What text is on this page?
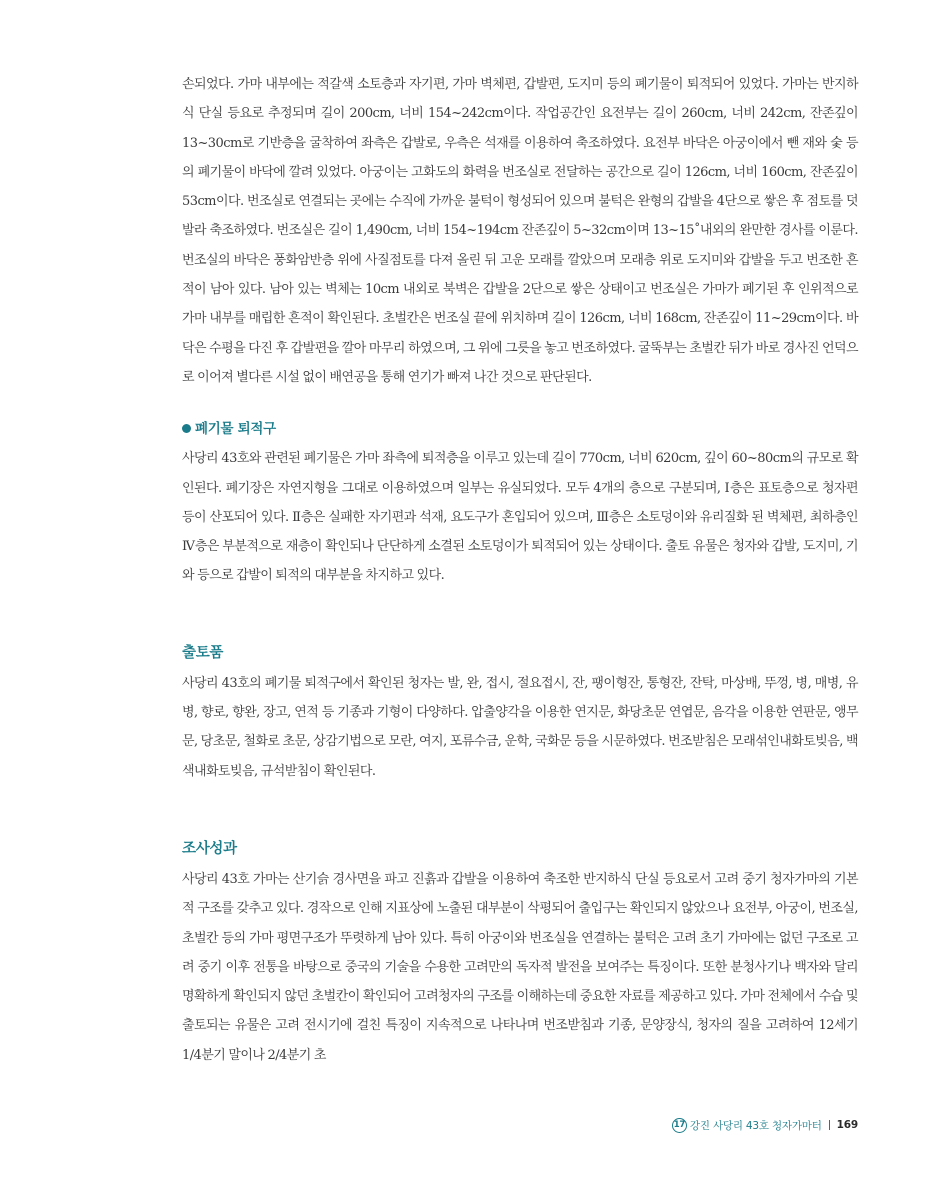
손되었다. 가마 내부에는 적갈색 소토층과 자기편, 가마 벽체편, 갑발편, 도지미 등의 폐기물이 퇴적되어 있었다. 가마는 반지하식 단실 등요로 추정되며 길이 200cm, 너비 154~242cm이다. 작업공간인 요전부는 길이 260cm, 너비 242cm, 잔존깊이 13~30cm로 기반층을 굴착하여 좌측은 갑발로, 우측은 석재를 이용하여 축조하였다. 요전부 바닥은 아궁이에서 뺀 재와 숯 등의 폐기물이 바닥에 깔려 있었다. 아궁이는 고화도의 화력을 번조실로 전달하는 공간으로 길이 126cm, 너비 160cm, 잔존깊이 53cm이다. 번조실로 연결되는 곳에는 수직에 가까운 불턱이 형성되어 있으며 불턱은 완형의 갑발을 4단으로 쌓은 후 점토를 덧발라 축조하였다. 번조실은 길이 1,490cm, 너비 154~194cm 잔존깊이 5~32cm이며 13~15˚내외의 완만한 경사를 이룬다. 번조실의 바닥은 풍화암반층 위에 사질점토를 다져 올린 뒤 고운 모래를 깔았으며 모래층 위로 도지미와 갑발을 두고 번조한 흔적이 남아 있다. 남아 있는 벽체는 10cm 내외로 북벽은 갑발을 2단으로 쌓은 상태이고 번조실은 가마가 폐기된 후 인위적으로 가마 내부를 매립한 흔적이 확인된다. 초벌칸은 번조실 끝에 위치하며 길이 126cm, 너비 168cm, 잔존깊이 11~29cm이다. 바닥은 수평을 다진 후 갑발편을 깔아 마무리 하였으며, 그 위에 그릇을 놓고 번조하였다. 굴뚝부는 초벌칸 뒤가 바로 경사진 언덕으로 이어져 별다른 시설 없이 배연공을 통해 연기가 빠져 나간 것으로 판단된다.

폐기물 퇴적구

사당리 43호와 관련된 폐기물은 가마 좌측에 퇴적층을 이루고 있는데 길이 770cm, 너비 620cm, 깊이 60~80cm의 규모로 확인된다. 폐기장은 자연지형을 그대로 이용하였으며 일부는 유실되었다. 모두 4개의 층으로 구분되며, Ⅰ층은 표토층으로 청자편 등이 산포되어 있다. Ⅱ층은 실패한 자기편과 석재, 요도구가 혼입되어 있으며, Ⅲ층은 소토덩이와 유리질화 된 벽체편, 최하층인 Ⅳ층은 부분적으로 재층이 확인되나 단단하게 소결된 소토덩이가 퇴적되어 있는 상태이다. 출토 유물은 청자와 갑발, 도지미, 기와 등으로 갑발이 퇴적의 대부분을 차지하고 있다.

출토품

사당리 43호의 폐기물 퇴적구에서 확인된 청자는 발, 완, 접시, 절요접시, 잔, 팽이형잔, 통형잔, 잔탁, 마상배, 뚜껑, 병, 매병, 유병, 향로, 향완, 장고, 연적 등 기종과 기형이 다양하다. 압출양각을 이용한 연지문, 화당초문 연엽문, 음각을 이용한 연판문, 앵무문, 당초문, 철화로 초문, 상감기법으로 모란, 여지, 포류수금, 운학, 국화문 등을 시문하였다. 번조받침은 모래섞인내화토빚음, 백색내화토빚음, 규석받침이 확인된다.

조사성과

사당리 43호 가마는 산기슭 경사면을 파고 진흙과 갑발을 이용하여 축조한 반지하식 단실 등요로서 고려 중기 청자가마의 기본적 구조를 갖추고 있다. 경작으로 인해 지표상에 노출된 대부분이 삭평되어 출입구는 확인되지 않았으나 요전부, 아궁이, 번조실, 초벌칸 등의 가마 평면구조가 뚜렷하게 남아 있다. 특히 아궁이와 번조실을 연결하는 불턱은 고려 초기 가마에는 없던 구조로 고려 중기 이후 전통을 바탕으로 중국의 기술을 수용한 고려만의 독자적 발전을 보여주는 특징이다. 또한 분청사기나 백자와 달리 명확하게 확인되지 않던 초벌칸이 확인되어 고려청자의 구조를 이해하는데 중요한 자료를 제공하고 있다. 가마 전체에서 수습 및 출토되는 유물은 고려 전시기에 걸친 특징이 지속적으로 나타나며 번조받침과 기종, 문양장식, 청자의 질을 고려하여 12세기 1/4분기 말이나 2/4분기 초

17 강진 사당리 43호 청자가마터 169
